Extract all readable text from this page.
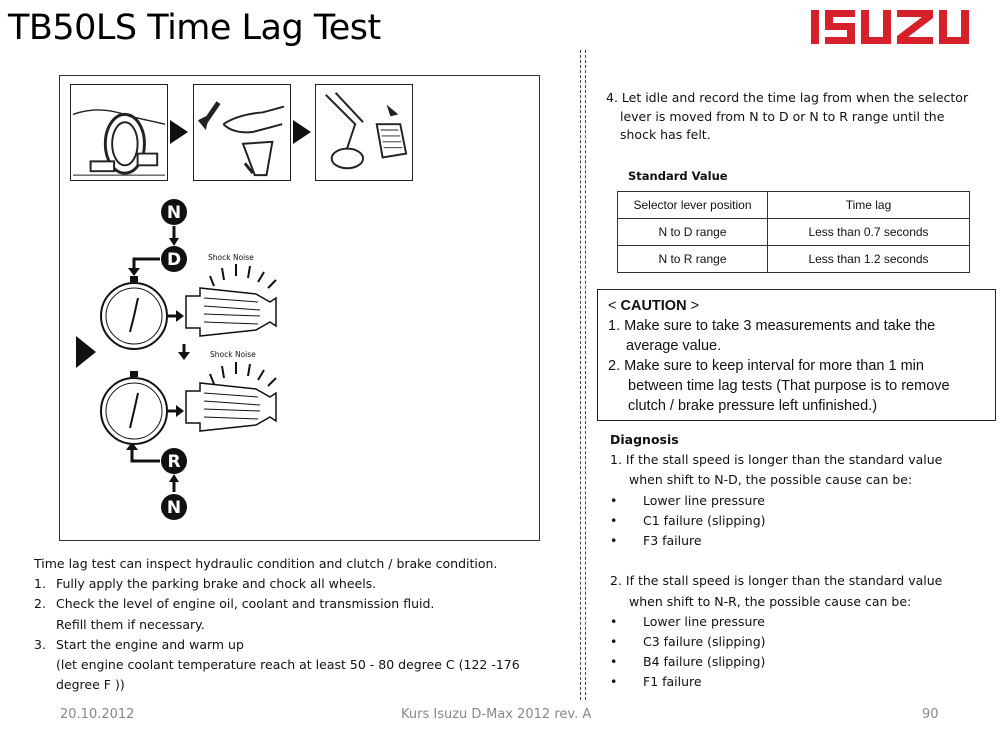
TB50LS Time Lag Test
Shock Noise
Shock Noise
N
D
R
N
Time lag test can inspect hydraulic condition and clutch / brake condition.
1. Fully apply the parking brake and chock all wheels.
2. Check the level of engine oil, coolant and transmission fluid.
Refill them if necessary.
3. Start the engine and warm up
(let engine coolant temperature reach at least 50 - 80 degree C (122 -176
degree F ))
4. Let idle and record the time lag from when the selector
lever is moved from N to D or N to R range until the
shock has felt.
Standard Value
Selector lever position	Time lag
N to D range	Less than 0.7 seconds
N to R range	Less than 1.2 seconds
< CAUTION >
1. Make sure to take 3 measurements and take the
average value.
2. Make sure to keep interval for more than 1 min
between time lag tests (That purpose is to remove
clutch / brake pressure left unfinished.)
Diagnosis
1. If the stall speed is longer than the standard value
when shift to N-D, the possible cause can be:
•	Lower line pressure
•	C1 failure (slipping)
•	F3 failure
2. If the stall speed is longer than the standard value
when shift to N-R, the possible cause can be:
•	Lower line pressure
•	C3 failure (slipping)
•	B4 failure (slipping)
•	F1 failure
20.10.2012	Kurs Isuzu D-Max 2012 rev. A	90
